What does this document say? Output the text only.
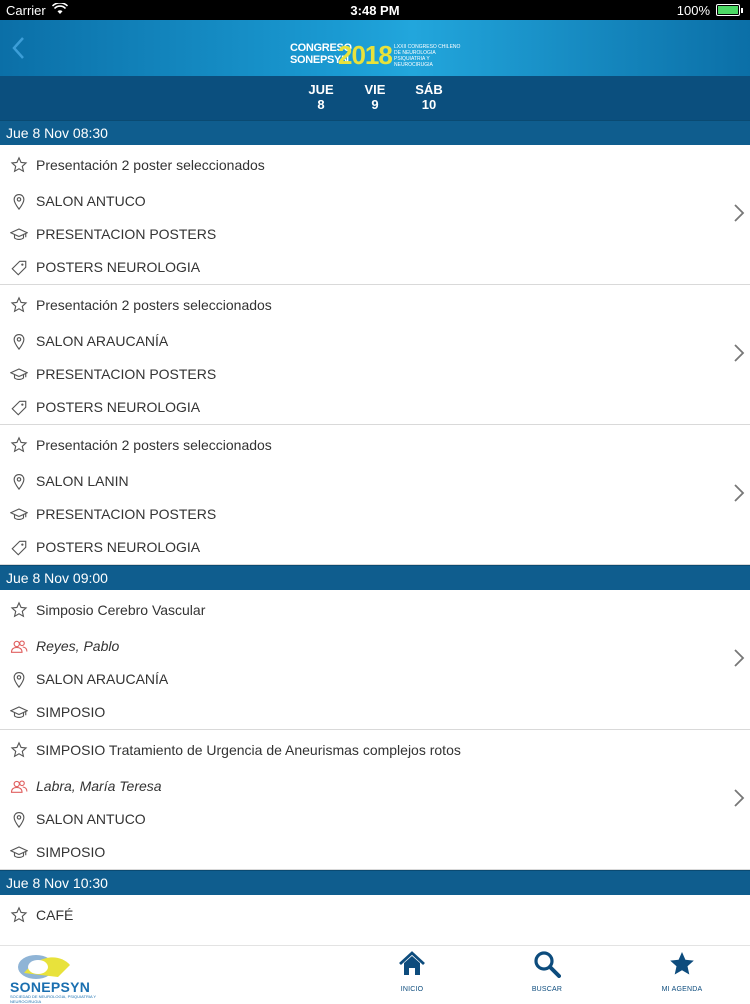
Carrier	3:48 PM	100%
CONGRESO SONEPSYN
2018 LXXII CONGRESO CHILENO DE NEUROLOGIA PSIQUIATRIA Y NEUROCIRUGIA
JUE
8
VIE
9
SÁB
10
Jue 8 Nov 08:30
Presentación 2 poster seleccionados
SALON ANTUCO
PRESENTACION POSTERS
POSTERS NEUROLOGIA
Presentación 2 posters seleccionados
SALON ARAUCANÍA
PRESENTACION POSTERS
POSTERS NEUROLOGIA
Presentación 2 posters seleccionados
SALON LANIN
PRESENTACION POSTERS
POSTERS NEUROLOGIA
Jue 8 Nov 09:00
Simposio Cerebro Vascular
Reyes, Pablo
SALON ARAUCANÍA
SIMPOSIO
SIMPOSIO Tratamiento de Urgencia de Aneurismas complejos rotos
Labra, María Teresa
SALON ANTUCO
SIMPOSIO
Jue 8 Nov 10:30
CAFÉ
SONEPSYN
SOCIEDAD DE NEUROLOGIA, PSIQUIATRIA Y NEUROCIRUGIA
INICIO	BUSCAR	MI AGENDA
